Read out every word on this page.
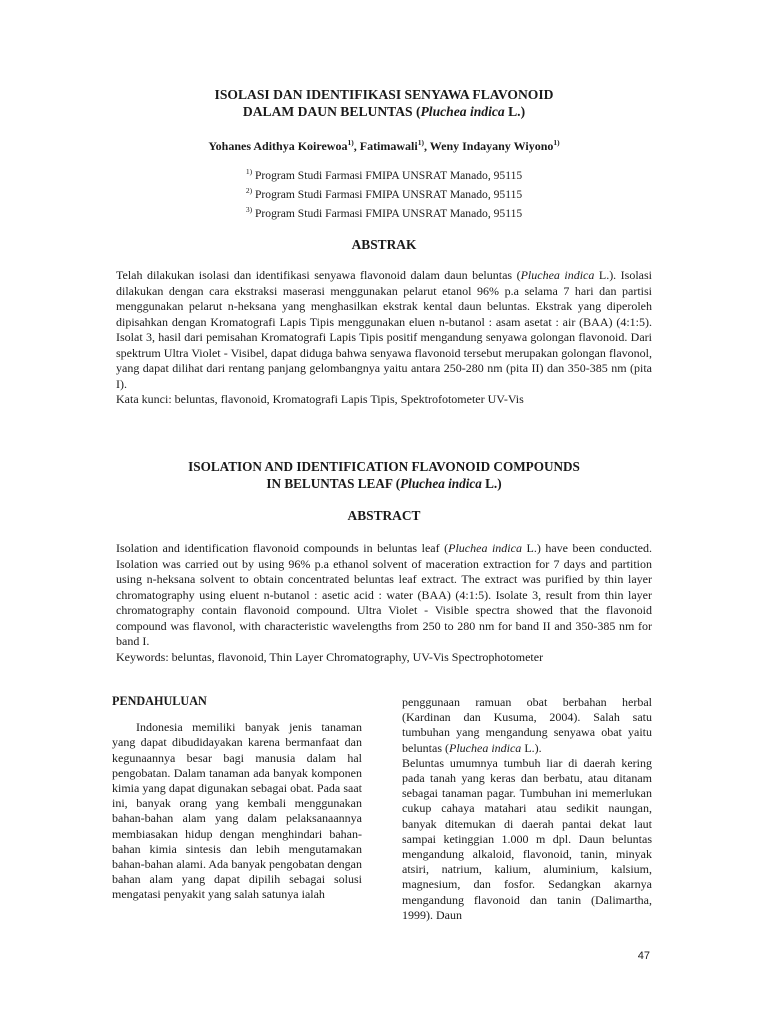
ISOLASI DAN IDENTIFIKASI SENYAWA FLAVONOID
DALAM DAUN BELUNTAS (Pluchea indica L.)
Yohanes Adithya Koirewoa$^{1)}$, Fatimawali$^{1)}$, Weny Indayany Wiyono$^{1)}$
$^{1)}$ Program Studi Farmasi FMIPA UNSRAT Manado, 95115
$^{2)}$ Program Studi Farmasi FMIPA UNSRAT Manado, 95115
$^{3)}$ Program Studi Farmasi FMIPA UNSRAT Manado, 95115
ABSTRAK

Telah dilakukan isolasi dan identifikasi senyawa flavonoid dalam daun beluntas (Pluchea indica L.). Isolasi dilakukan dengan cara ekstraksi maserasi menggunakan pelarut etanol 96% p.a selama 7 hari dan partisi menggunakan pelarut n-heksana yang menghasilkan ekstrak kental daun beluntas. Ekstrak yang diperoleh dipisahkan dengan Kromatografi Lapis Tipis menggunakan eluen n-butanol : asam asetat : air (BAA) (4:1:5). Isolat 3, hasil dari pemisahan Kromatografi Lapis Tipis positif mengandung senyawa golongan flavonoid. Dari spektrum Ultra Violet - Visibel, dapat diduga bahwa senyawa flavonoid tersebut merupakan golongan flavonol, yang dapat dilihat dari rentang panjang gelombangnya yaitu antara 250-280 nm (pita II) dan 350-385 nm (pita I).

Kata kunci: beluntas, flavonoid, Kromatografi Lapis Tipis, Spektrofotometer UV-Vis

ISOLATION AND IDENTIFICATION FLAVONOID COMPOUNDS
IN BELUNTAS LEAF (Pluchea indica L.)
ABSTRACT

Isolation and identification flavonoid compounds in beluntas leaf (Pluchea indica L.) have been conducted. Isolation was carried out by using 96% p.a ethanol solvent of maceration extraction for 7 days and partition using n-heksana solvent to obtain concentrated beluntas leaf extract. The extract was purified by thin layer chromatography using eluent n-butanol : asetic acid : water (BAA) (4:1:5). Isolate 3, result from thin layer chromatography contain flavonoid compound. Ultra Violet - Visible spectra showed that the flavonoid compound was flavonol, with characteristic wavelengths from 250 to 280 nm for band II and 350-385 nm for band I.

Keywords: beluntas, flavonoid, Thin Layer Chromatography, UV-Vis Spectrophotometer

PENDAHULUAN

Indonesia memiliki banyak jenis tanaman yang dapat dibudidayakan karena bermanfaat dan kegunaannya besar bagi manusia dalam hal pengobatan. Dalam tanaman ada banyak komponen kimia yang dapat digunakan sebagai obat. Pada saat ini, banyak orang yang kembali menggunakan bahan-bahan alam yang dalam pelaksanaannya membiasakan hidup dengan menghindari bahan-bahan kimia sintesis dan lebih mengutamakan bahan-bahan alami. Ada banyak pengobatan dengan bahan alam yang dapat dipilih sebagai solusi mengatasi penyakit yang salah satunya ialah

penggunaan ramuan obat berbahan herbal (Kardinan dan Kusuma, 2004). Salah satu tumbuhan yang mengandung senyawa obat yaitu beluntas (Pluchea indica L.).

Beluntas umumnya tumbuh liar di daerah kering pada tanah yang keras dan berbatu, atau ditanam sebagai tanaman pagar. Tumbuhan ini memerlukan cukup cahaya matahari atau sedikit naungan, banyak ditemukan di daerah pantai dekat laut sampai ketinggian 1.000 m dpl. Daun beluntas mengandung alkaloid, flavonoid, tanin, minyak atsiri, natrium, kalium, aluminium, kalsium, magnesium, dan fosfor. Sedangkan akarnya mengandung flavonoid dan tanin (Dalimartha, 1999). Daun

47
